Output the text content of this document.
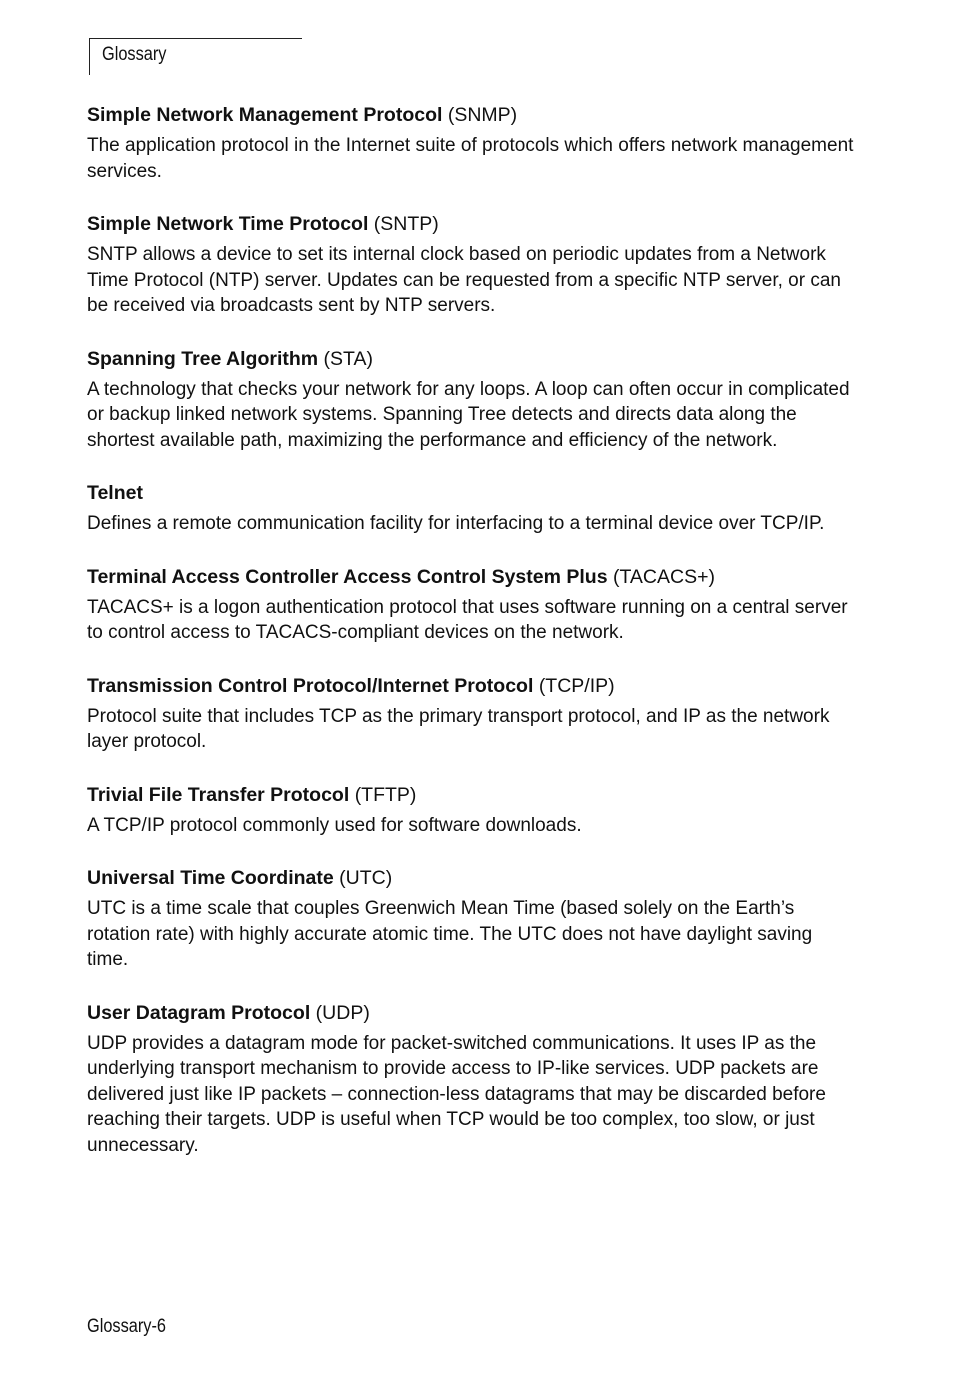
Glossary

Simple Network Management Protocol (SNMP)

The application protocol in the Internet suite of protocols which offers network management services.

Simple Network Time Protocol (SNTP)

SNTP allows a device to set its internal clock based on periodic updates from a Network Time Protocol (NTP) server. Updates can be requested from a specific NTP server, or can be received via broadcasts sent by NTP servers.

Spanning Tree Algorithm (STA)

A technology that checks your network for any loops. A loop can often occur in complicated or backup linked network systems. Spanning Tree detects and directs data along the shortest available path, maximizing the performance and efficiency of the network.

Telnet

Defines a remote communication facility for interfacing to a terminal device over TCP/IP.

Terminal Access Controller Access Control System Plus (TACACS+)

TACACS+ is a logon authentication protocol that uses software running on a central server to control access to TACACS-compliant devices on the network.

Transmission Control Protocol/Internet Protocol (TCP/IP)

Protocol suite that includes TCP as the primary transport protocol, and IP as the network layer protocol.

Trivial File Transfer Protocol (TFTP)

A TCP/IP protocol commonly used for software downloads.

Universal Time Coordinate (UTC)

UTC is a time scale that couples Greenwich Mean Time (based solely on the Earth’s rotation rate) with highly accurate atomic time. The UTC does not have daylight saving time.

User Datagram Protocol (UDP)

UDP provides a datagram mode for packet-switched communications. It uses IP as the underlying transport mechanism to provide access to IP-like services. UDP packets are delivered just like IP packets – connection-less datagrams that may be discarded before reaching their targets. UDP is useful when TCP would be too complex, too slow, or just unnecessary.

Glossary-6
